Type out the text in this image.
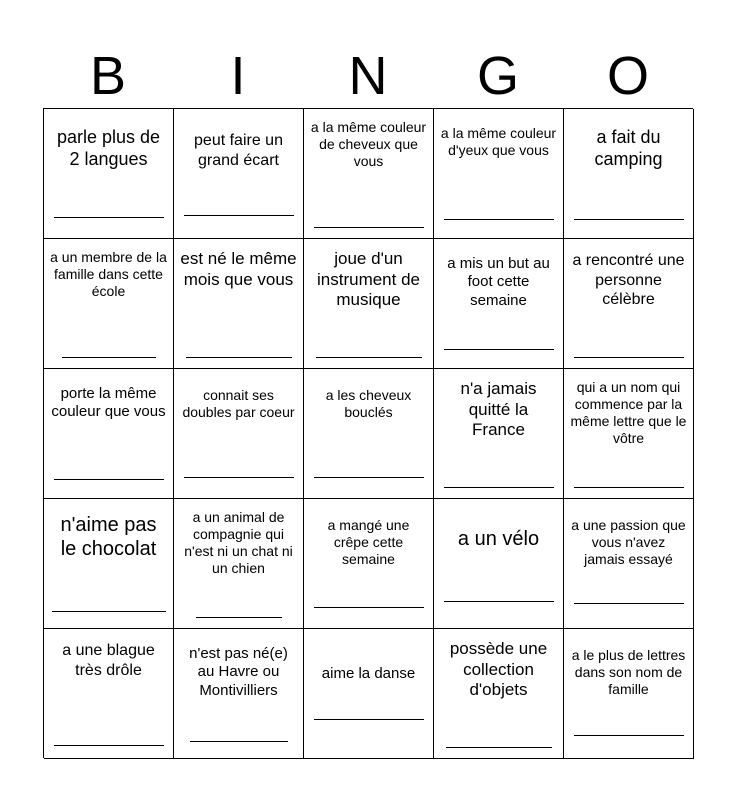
B	I	N	G	O
parle plus de 2 langues
peut faire un grand écart
a la même couleur de cheveux que vous
a la même couleur d'yeux que vous
a fait du camping
a un membre de la famille dans cette école
est né le même mois que vous
joue d'un instrument de musique
a mis un but au foot cette semaine
a rencontré une personne célèbre
porte la même couleur que vous
connait ses doubles par coeur
a les cheveux bouclés
n'a jamais quitté la France
qui a un nom qui commence par la même lettre que le vôtre
n'aime pas le chocolat
a un animal de compagnie qui n'est ni un chat ni un chien
a mangé une crêpe cette semaine
a un vélo
a une passion que vous n'avez jamais essayé
a une blague très drôle
n'est pas né(e) au Havre ou Montivilliers
aime la danse
possède une collection d'objets
a le plus de lettres dans son nom de famille
